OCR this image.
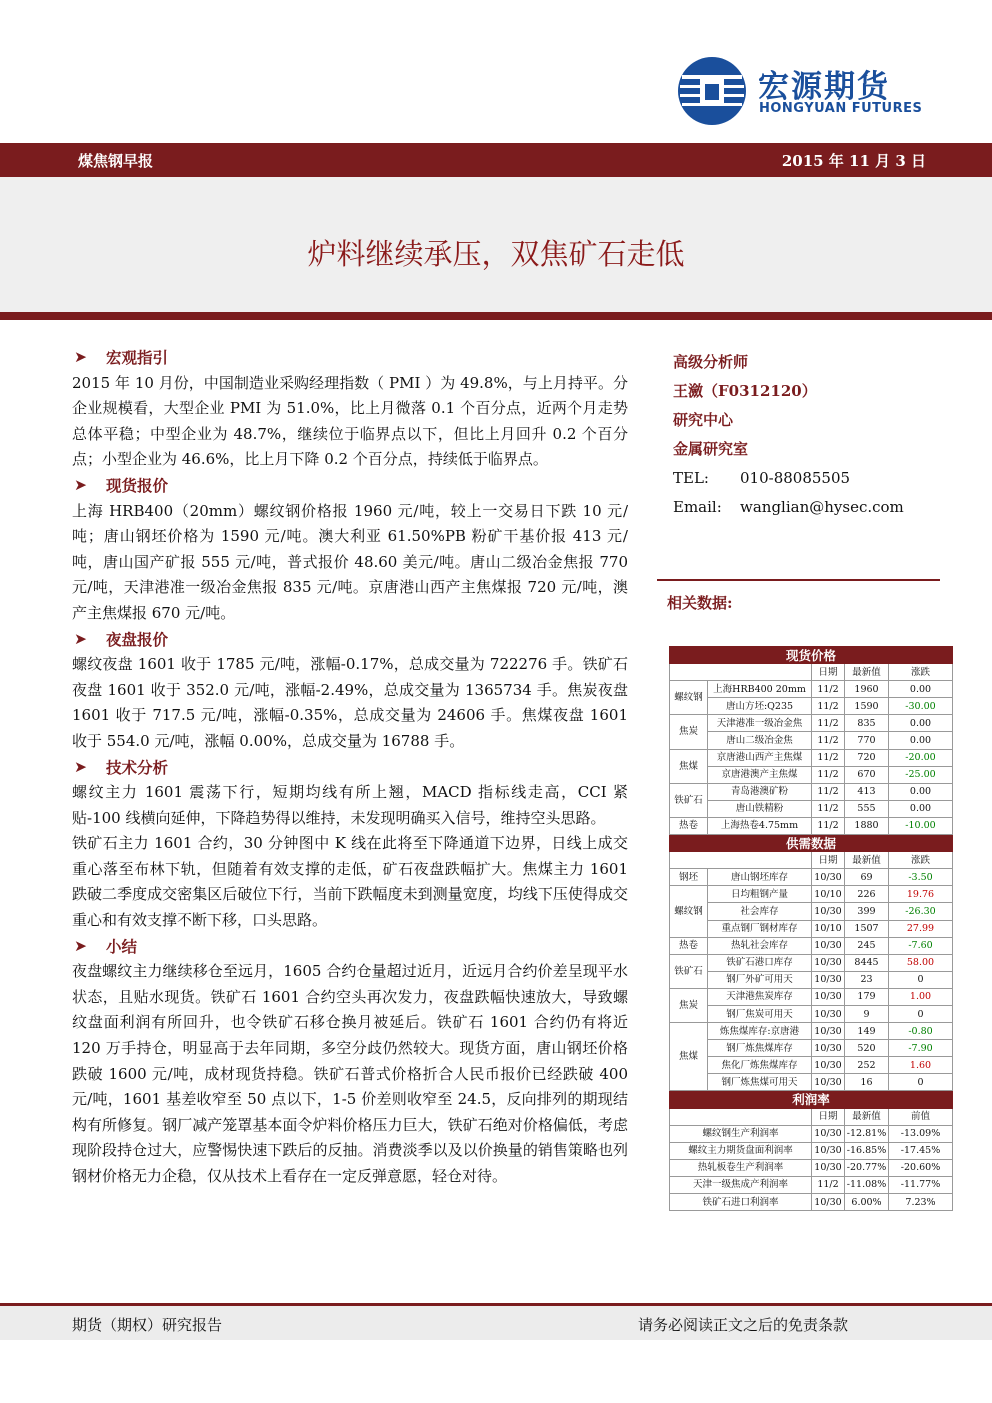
宏源期货
HONGYUAN FUTURES
煤焦钢早报	2015 年 11 月 3 日
炉料继续承压，双焦矿石走低
➤	宏观指引

2015 年 10 月份，中国制造业采购经理指数（ PMI ）为 49.8%，与上月持平。分企业规模看，大型企业 PMI 为 51.0%，比上月微落 0.1 个百分点，近两个月走势总体平稳；中型企业为 48.7%，继续位于临界点以下，但比上月回升 0.2 个百分点；小型企业为 46.6%，比上月下降 0.2 个百分点，持续低于临界点。

➤	现货报价

上海 HRB400（20mm）螺纹钢价格报 1960 元/吨，较上一交易日下跌 10 元/吨；唐山钢坯价格为 1590 元/吨。澳大利亚 61.50%PB 粉矿干基价报 413 元/吨，唐山国产矿报 555 元/吨，普式报价 48.60 美元/吨。唐山二级冶金焦报 770 元/吨，天津港准一级冶金焦报 835 元/吨。京唐港山西产主焦煤报 720 元/吨，澳产主焦煤报 670 元/吨。

➤	夜盘报价

螺纹夜盘 1601 收于 1785 元/吨，涨幅-0.17%，总成交量为 722276 手。铁矿石夜盘 1601 收于 352.0 元/吨，涨幅-2.49%，总成交量为 1365734 手。焦炭夜盘 1601 收于 717.5 元/吨，涨幅-0.35%，总成交量为 24606 手。焦煤夜盘 1601 收于 554.0 元/吨，涨幅 0.00%，总成交量为 16788 手。

➤	技术分析

螺纹主力 1601 震荡下行，短期均线有所上翘，MACD 指标线走高，CCI 紧贴-100 线横向延伸，下降趋势得以维持，未发现明确买入信号，维持空头思路。

铁矿石主力 1601 合约，30 分钟图中 K 线在此将至下降通道下边界，日线上成交重心落至布林下轨，但随着有效支撑的走低，矿石夜盘跌幅扩大。焦煤主力 1601 跌破二季度成交密集区后破位下行，当前下跌幅度未到测量宽度，均线下压使得成交重心和有效支撑不断下移，口头思路。

➤	小结

夜盘螺纹主力继续移仓至远月，1605 合约仓量超过近月，近远月合约价差呈现平水状态，且贴水现货。铁矿石 1601 合约空头再次发力，夜盘跌幅快速放大，导致螺纹盘面利润有所回升，也令铁矿石移仓换月被延后。铁矿石 1601 合约仍有将近 120 万手持仓，明显高于去年同期，多空分歧仍然较大。现货方面，唐山钢坯价格跌破 1600 元/吨，成材现货持稳。铁矿石普式价格折合人民币报价已经跌破 400 元/吨，1601 基差收窄至 50 点以下，1-5 价差则收窄至 24.5，反向排列的期现结构有所修复。钢厂减产笼罩基本面令炉料价格压力巨大，铁矿石绝对价格偏低，考虑现阶段持仓过大，应警惕快速下跌后的反抽。消费淡季以及以价换量的销售策略也列钢材价格无力企稳，仅从技术上看存在一定反弹意愿，轻仓对待。

高级分析师
王瀲（F0312120）
研究中心
金属研究室
TEL:	010-88085505
Email:	wanglian@hysec.com
相关数据:
现货价格				
		日期	最新值	涨跌
螺纹钢	上海HRB400 20mm	11/2	1960	0.00
	唐山方坯:Q235	11/2	1590	-30.00
焦炭	天津港准一级冶金焦	11/2	835	0.00
	唐山二级冶金焦	11/2	770	0.00
焦煤	京唐港山西产主焦煤	11/2	720	-20.00
	京唐港澳产主焦煤	11/2	670	-25.00
铁矿石	青岛港澳矿粉	11/2	413	0.00
	唐山铁精粉	11/2	555	0.00
热卷	上海热卷4.75mm	11/2	1880	-10.00
供需数据				
		日期	最新值	涨跌
钢坯	唐山钢坯库存	10/30	69	-3.50
螺纹钢	日均粗钢产量	10/10	226	19.76
	社会库存	10/30	399	-26.30
	重点钢厂钢材库存	10/10	1507	27.99
热卷	热轧社会库存	10/30	245	-7.60
铁矿石	铁矿石港口库存	10/30	8445	58.00
	钢厂外矿可用天	10/30	23	0
焦炭	天津港焦炭库存	10/30	179	1.00
	钢厂焦炭可用天	10/30	9	0
焦煤	炼焦煤库存:京唐港	10/30	149	-0.80
	钢厂炼焦煤库存	10/30	520	-7.90
	焦化厂炼焦煤库存	10/30	252	1.60
	钢厂炼焦煤可用天	10/30	16	0
利润率				
		日期	最新值	前值
螺纹钢生产利润率		10/30	-12.81%	-13.09%
螺纹主力期货盘面利润率		10/30	-16.85%	-17.45%
热轧板卷生产利润率		10/30	-20.77%	-20.60%
天津一级焦成产利润率		11/2	-11.08%	-11.77%
铁矿石进口利润率		10/30	6.00%	7.23%
期货（期权）研究报告	请务必阅读正文之后的免责条款
